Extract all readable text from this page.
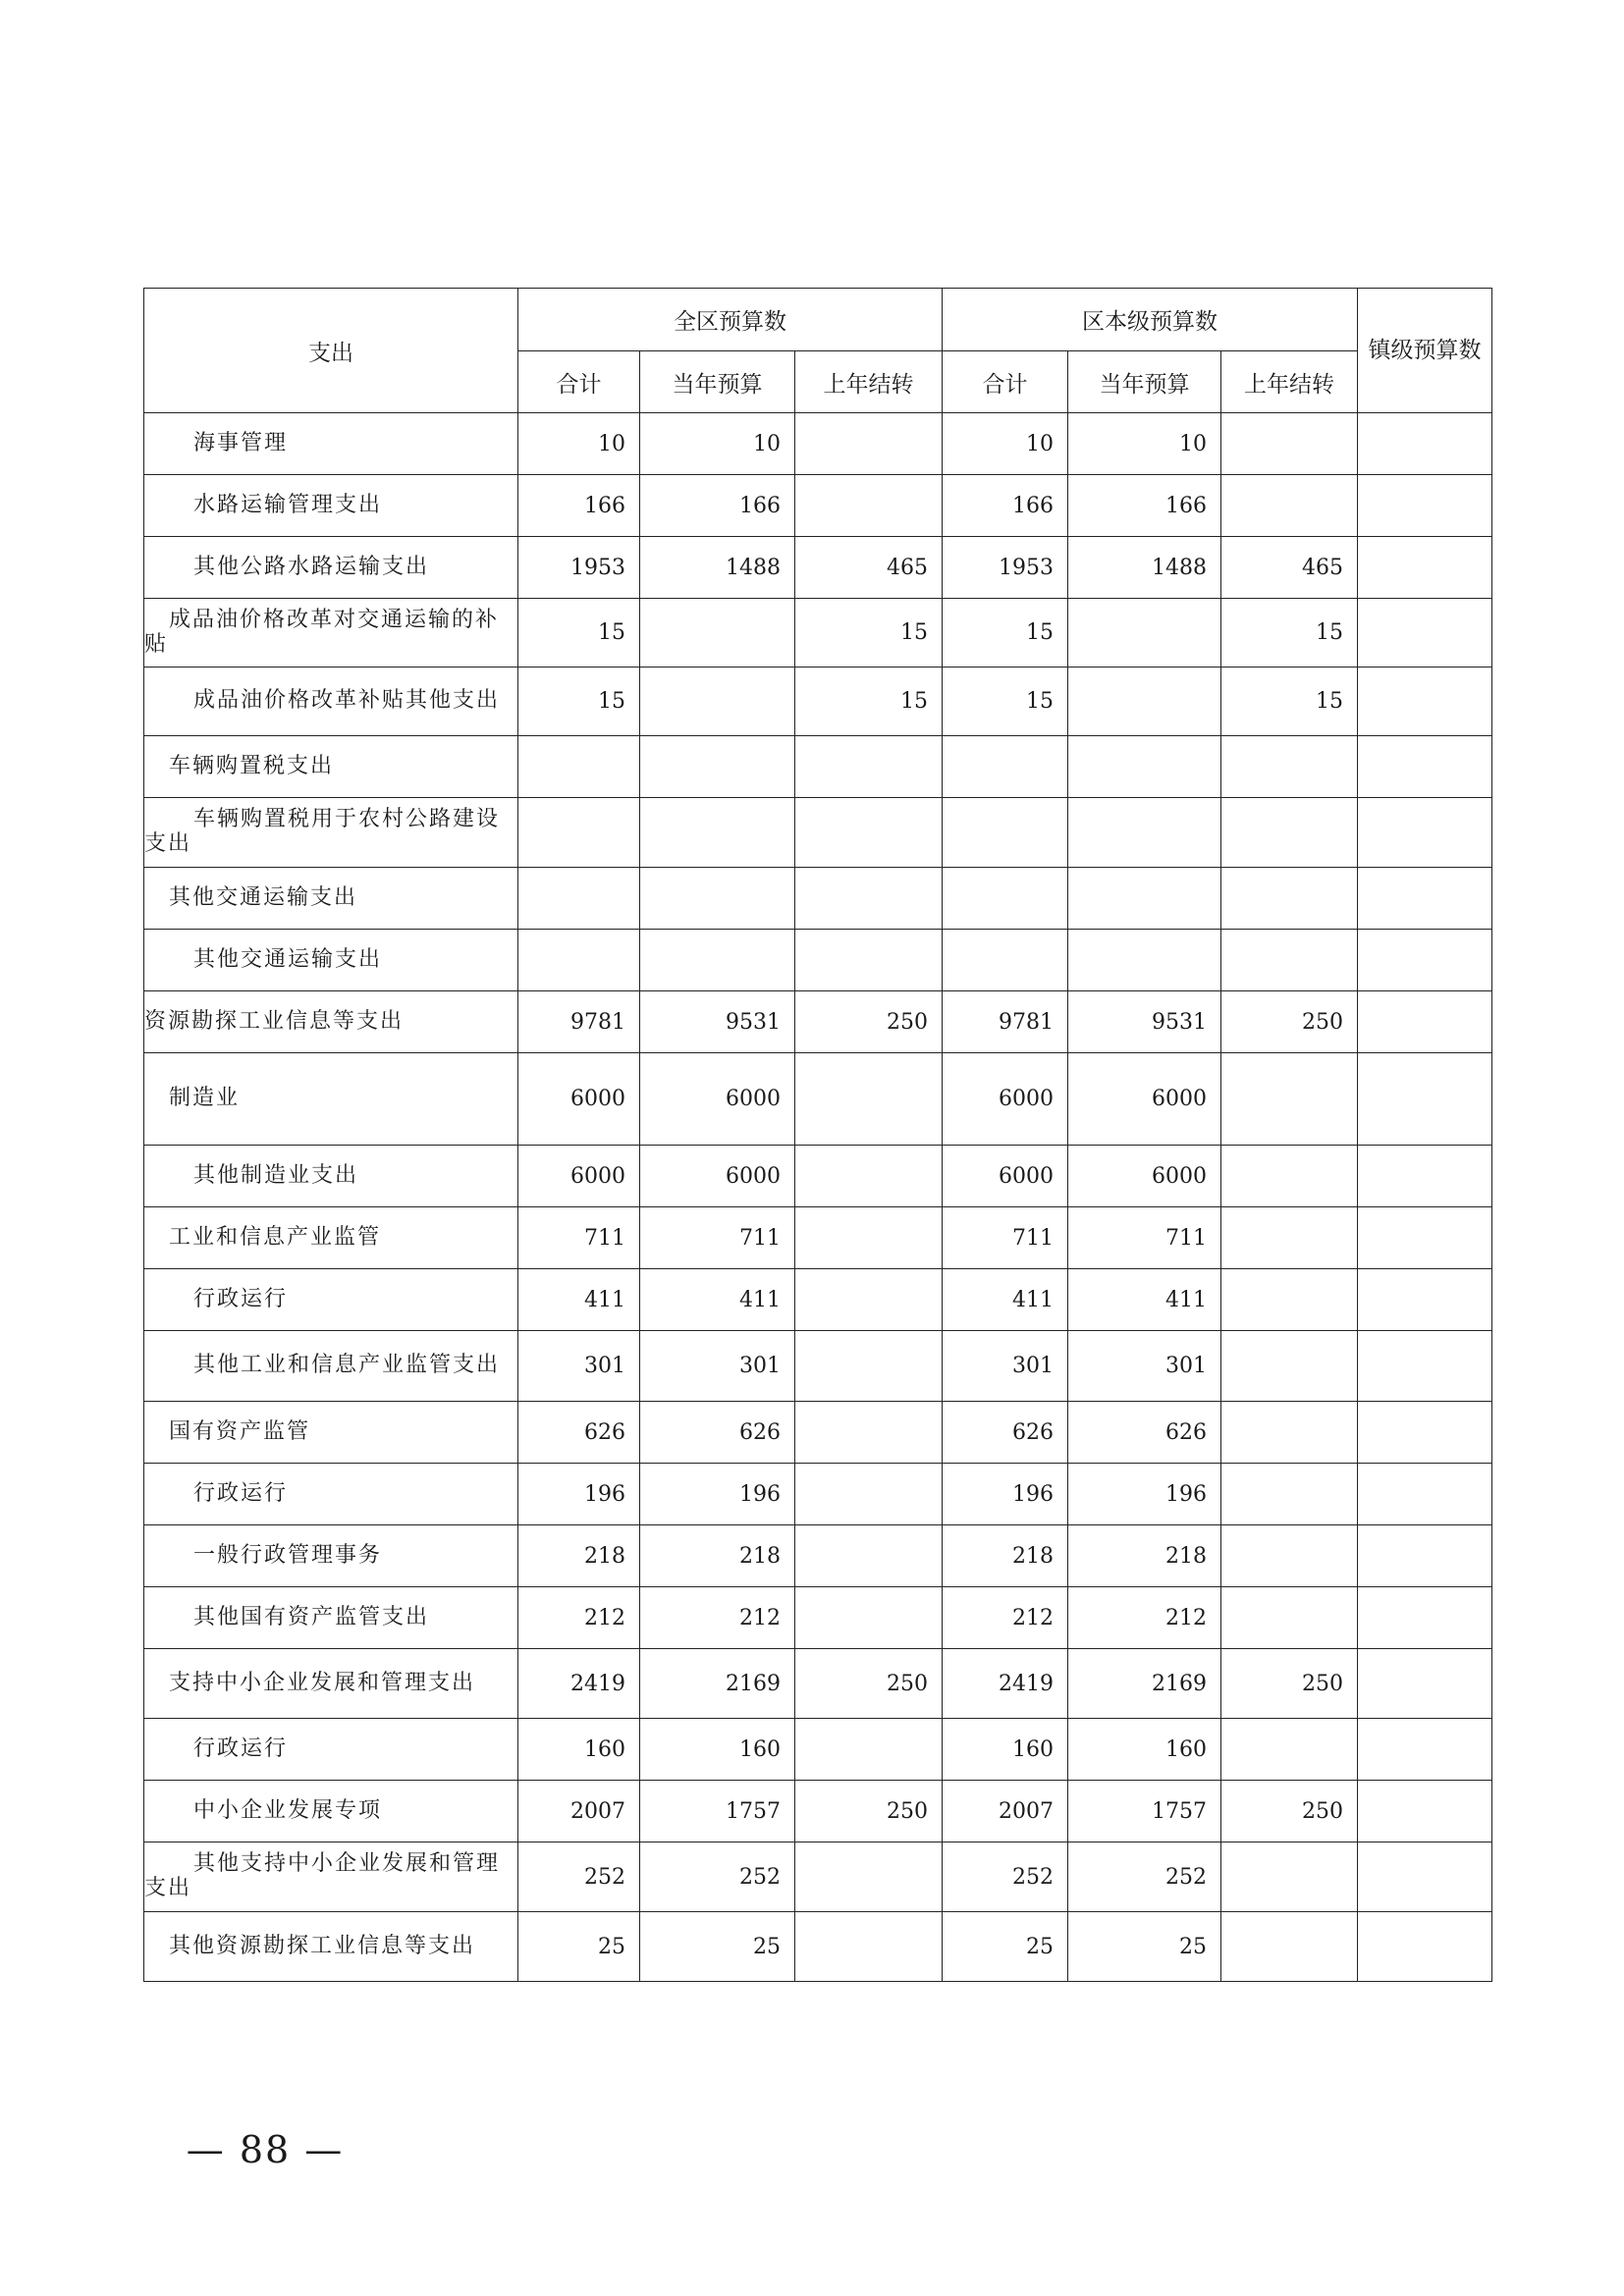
支出	全区预算数			区本级预算数			镇级预算数
	合计	当年预算	上年结转	合计	当年预算	上年结转	
海事管理	10	10		10	10		
水路运输管理支出	166	166		166	166		
其他公路水路运输支出	1953	1488	465	1953	1488	465	
成品油价格改革对交通运输的补贴	15		15	15		15	
成品油价格改革补贴其他支出	15		15	15		15	
车辆购置税支出							
车辆购置税用于农村公路建设支出							
其他交通运输支出							
其他交通运输支出							
资源勘探工业信息等支出	9781	9531	250	9781	9531	250	
制造业	6000	6000		6000	6000		
其他制造业支出	6000	6000		6000	6000		
工业和信息产业监管	711	711		711	711		
行政运行	411	411		411	411		
其他工业和信息产业监管支出	301	301		301	301		
国有资产监管	626	626		626	626		
行政运行	196	196		196	196		
一般行政管理事务	218	218		218	218		
其他国有资产监管支出	212	212		212	212		
支持中小企业发展和管理支出	2419	2169	250	2419	2169	250	
行政运行	160	160		160	160		
中小企业发展专项	2007	1757	250	2007	1757	250	
其他支持中小企业发展和管理支出	252	252		252	252		
其他资源勘探工业信息等支出	25	25		25	25		
— 88 —
